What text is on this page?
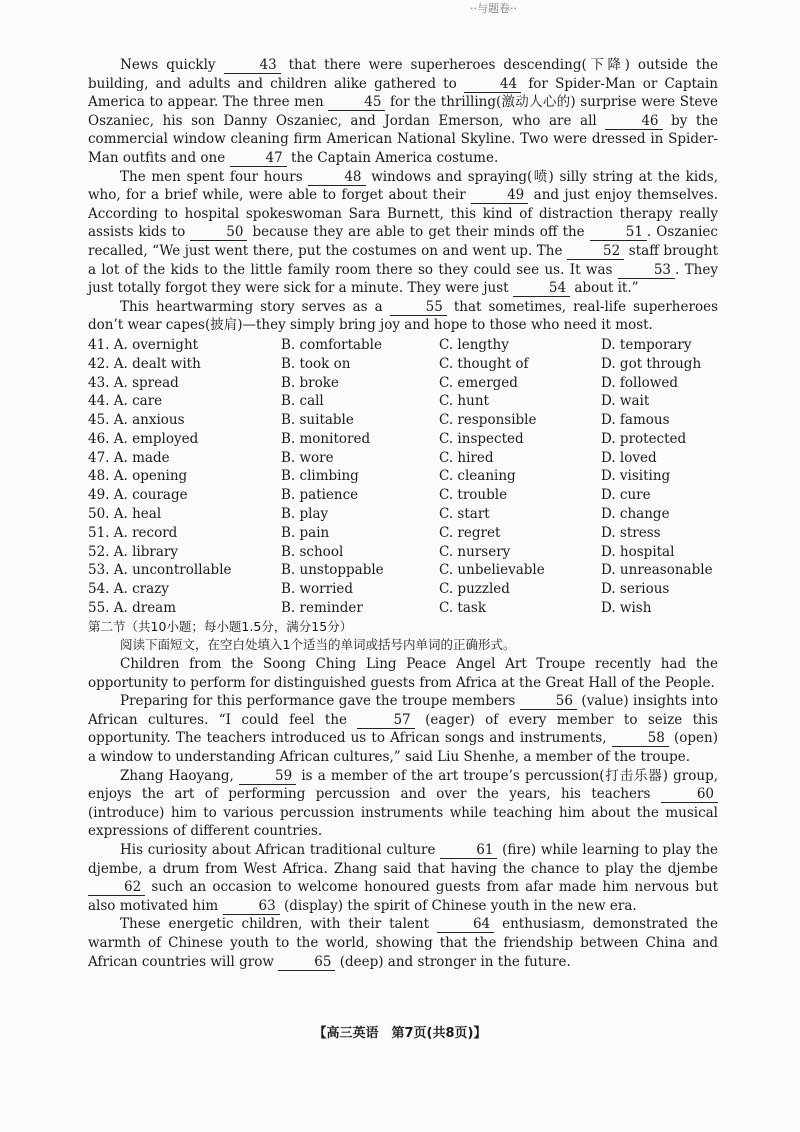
··与题卷··

News quickly	43 that there were superheroes descending(下降) outside the building, and adults and children alike gathered to	44 for Spider-Man or Captain America to appear. The three men	45 for the thrilling(激动人心的) surprise were Steve Oszaniec, his son Danny Oszaniec, and Jordan Emerson, who are all	46 by the commercial window cleaning firm American National Skyline. Two were dressed in Spider-Man outfits and one	47 the Captain America costume.

The men spent four hours	48 windows and spraying(喷) silly string at the kids, who, for a brief while, were able to forget about their	49 and just enjoy themselves. According to hospital spokeswoman Sara Burnett, this kind of distraction therapy really assists kids to	50 because they are able to get their minds off the	51 . Oszaniec recalled, “We just went there, put the costumes on and went up. The	52 staff brought a lot of the kids to the little family room there so they could see us. It was	53 . They just totally forgot they were sick for a minute. They were just	54 about it.”

This heartwarming story serves as a	55 that sometimes, real-life superheroes don’t wear capes(披肩)—they simply bring joy and hope to those who need it most.

41. A. overnight	B. comfortable	C. lengthy	D. temporary
42. A. dealt with	B. took on	C. thought of	D. got through
43. A. spread	B. broke	C. emerged	D. followed
44. A. care	B. call	C. hunt	D. wait
45. A. anxious	B. suitable	C. responsible	D. famous
46. A. employed	B. monitored	C. inspected	D. protected
47. A. made	B. wore	C. hired	D. loved
48. A. opening	B. climbing	C. cleaning	D. visiting
49. A. courage	B. patience	C. trouble	D. cure
50. A. heal	B. play	C. start	D. change
51. A. record	B. pain	C. regret	D. stress
52. A. library	B. school	C. nursery	D. hospital
53. A. uncontrollable	B. unstoppable	C. unbelievable	D. unreasonable
54. A. crazy	B. worried	C. puzzled	D. serious
55. A. dream	B. reminder	C. task	D. wish

第二节（共10小题；每小题1.5分，满分15分）

阅读下面短文，在空白处填入1个适当的单词或括号内单词的正确形式。

Children from the Soong Ching Ling Peace Angel Art Troupe recently had the opportunity to perform for distinguished guests from Africa at the Great Hall of the People.

Preparing for this performance gave the troupe members	56 (value) insights into African cultures. “I could feel the	57 (eager) of every member to seize this opportunity. The teachers introduced us to African songs and instruments,	58 (open) a window to understanding African cultures,” said Liu Shenhe, a member of the troupe.

Zhang Haoyang,	59 is a member of the art troupe’s percussion(打击乐器) group, enjoys the art of performing percussion and over the years, his teachers	60 (introduce) him to various percussion instruments while teaching him about the musical expressions of different countries.

His curiosity about African traditional culture	61 (fire) while learning to play the djembe, a drum from West Africa. Zhang said that having the chance to play the djembe 62 such an occasion to welcome honoured guests from afar made him nervous but also motivated him	63 (display) the spirit of Chinese youth in the new era.

These energetic children, with their talent	64 enthusiasm, demonstrated the warmth of Chinese youth to the world, showing that the friendship between China and African countries will grow	65 (deep) and stronger in the future.

【高三英语　第7页(共8页)】
